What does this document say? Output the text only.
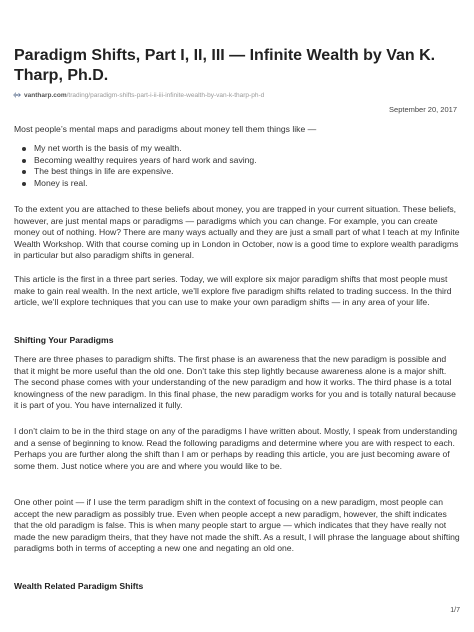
Paradigm Shifts, Part I, II, III — Infinite Wealth by Van K. Tharp, Ph.D.
vantharp.com /trading/paradigm-shifts-part-i-ii-iii-infinite-wealth-by-van-k-tharp-ph-d
September 20, 2017

Most people’s mental maps and paradigms about money tell them things like —

My net worth is the basis of my wealth.
Becoming wealthy requires years of hard work and saving.
The best things in life are expensive.
Money is real.

To the extent you are attached to these beliefs about money, you are trapped in your current situation. These beliefs, however, are just mental maps or paradigms — paradigms which you can change. For example, you can create money out of nothing. How? There are many ways actually and they are just a small part of what I teach at my Infinite Wealth Workshop. With that course coming up in London in October, now is a good time to explore wealth paradigms in particular but also paradigm shifts in general.

This article is the first in a three part series. Today, we will explore six major paradigm shifts that most people must make to gain real wealth. In the next article, we’ll explore five paradigm shifts related to trading success. In the third article, we’ll explore techniques that you can use to make your own paradigm shifts — in any area of your life.

Shifting Your Paradigms

There are three phases to paradigm shifts. The first phase is an awareness that the new paradigm is possible and that it might be more useful than the old one. Don’t take this step lightly because awareness alone is a major shift. The second phase comes with your understanding of the new paradigm and how it works. The third phase is a total knowingness of the new paradigm. In this final phase, the new paradigm works for you and is totally natural because it is part of you. You have internalized it fully.

I don’t claim to be in the third stage on any of the paradigms I have written about. Mostly, I speak from understanding and a sense of beginning to know. Read the following paradigms and determine where you are with respect to each. Perhaps you are further along the shift than I am or perhaps by reading this article, you are just becoming aware of some them. Just notice where you are and where you would like to be.

One other point — if I use the term paradigm shift in the context of focusing on a new paradigm, most people can accept the new paradigm as possibly true. Even when people accept a new paradigm, however, the shift indicates that the old paradigm is false. This is when many people start to argue — which indicates that they have really not made the new paradigm theirs, that they have not made the shift. As a result, I will phrase the language about shifting paradigms both in terms of accepting a new one and negating an old one.

Wealth Related Paradigm Shifts
1/7
